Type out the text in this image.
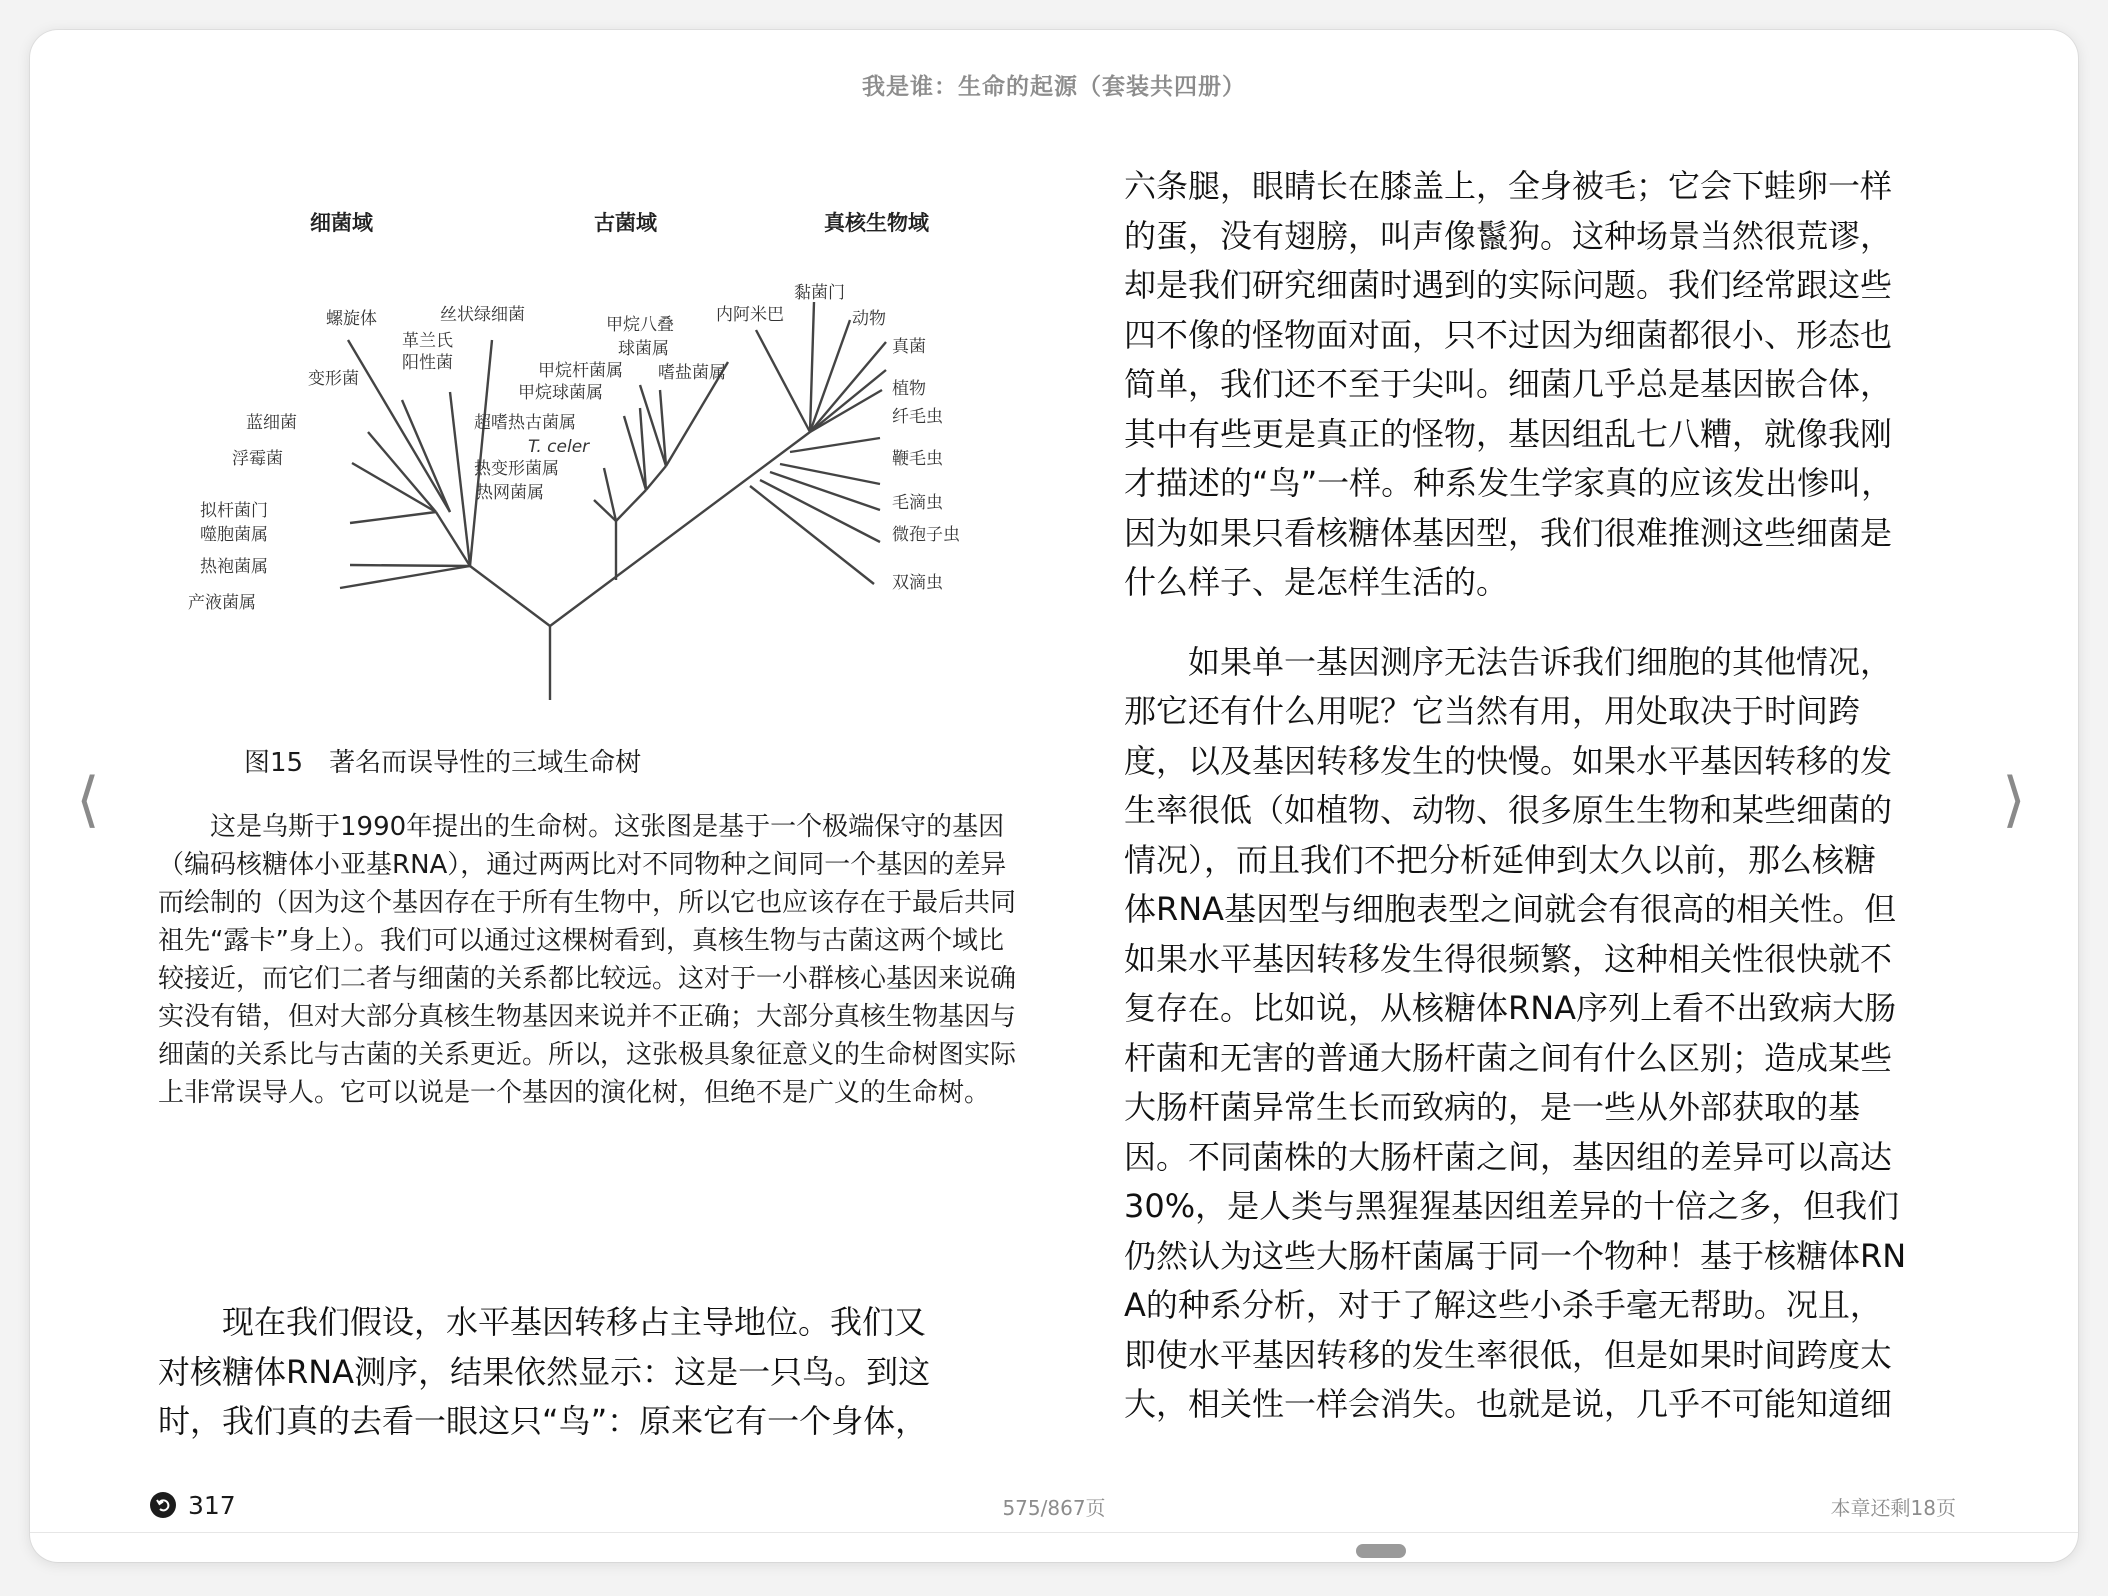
我是谁：生命的起源（套装共四册）
⟨	⟩
细菌域	古菌域	真核生物域
螺旋体	丝状绿细菌
革兰氏
阳性菌
变形菌
蓝细菌
浮霉菌
拟杆菌门
噬胞菌属
热袍菌属
产液菌属
甲烷八叠
球菌属
内阿米巴
甲烷杆菌属 嗜盐菌属
甲烷球菌属
超嗜热古菌属
T. celer
热变形菌属
热网菌属
黏菌门
动物
真菌
植物
纤毛虫
鞭毛虫
毛滴虫
微孢子虫
双滴虫
图15　著名而误导性的三域生命树

这是乌斯于1990年提出的生命树。这张图是基于一个极端保守的基因（编码核糖体小亚基RNA），通过两两比对不同物种之间同一个基因的差异而绘制的（因为这个基因存在于所有生物中，所以它也应该存在于最后共同祖先“露卡”身上）。我们可以通过这棵树看到，真核生物与古菌这两个域比较接近，而它们二者与细菌的关系都比较远。这对于一小群核心基因来说确实没有错，但对大部分真核生物基因来说并不正确；大部分真核生物基因与细菌的关系比与古菌的关系更近。所以，这张极具象征意义的生命树图实际上非常误导人。它可以说是一个基因的演化树，但绝不是广义的生命树。

　　现在我们假设，水平基因转移占主导地位。我们又

对核糖体RNA测序，结果依然显示：这是一只鸟。到这

时，我们真的去看一眼这只“鸟”：原来它有一个身体，

六条腿，眼睛长在膝盖上，全身被毛；它会下蛙卵一样

的蛋，没有翅膀，叫声像鬣狗。这种场景当然很荒谬，

却是我们研究细菌时遇到的实际问题。我们经常跟这些

四不像的怪物面对面，只不过因为细菌都很小、形态也

简单，我们还不至于尖叫。细菌几乎总是基因嵌合体，

其中有些更是真正的怪物，基因组乱七八糟，就像我刚

才描述的“鸟”一样。种系发生学家真的应该发出惨叫，

因为如果只看核糖体基因型，我们很难推测这些细菌是

什么样子、是怎样生活的。

　　如果单一基因测序无法告诉我们细胞的其他情况，

那它还有什么用呢？它当然有用，用处取决于时间跨

度，以及基因转移发生的快慢。如果水平基因转移的发

生率很低（如植物、动物、很多原生生物和某些细菌的

情况），而且我们不把分析延伸到太久以前，那么核糖

体RNA基因型与细胞表型之间就会有很高的相关性。但

如果水平基因转移发生得很频繁，这种相关性很快就不

复存在。比如说，从核糖体RNA序列上看不出致病大肠

杆菌和无害的普通大肠杆菌之间有什么区别；造成某些

大肠杆菌异常生长而致病的，是一些从外部获取的基

因。不同菌株的大肠杆菌之间，基因组的差异可以高达

30%，是人类与黑猩猩基因组差异的十倍之多，但我们

仍然认为这些大肠杆菌属于同一个物种！基于核糖体RN

A的种系分析，对于了解这些小杀手毫无帮助。况且，

即使水平基因转移的发生率很低，但是如果时间跨度太

大，相关性一样会消失。也就是说，几乎不可能知道细

317	575/867页	本章还剩18页
